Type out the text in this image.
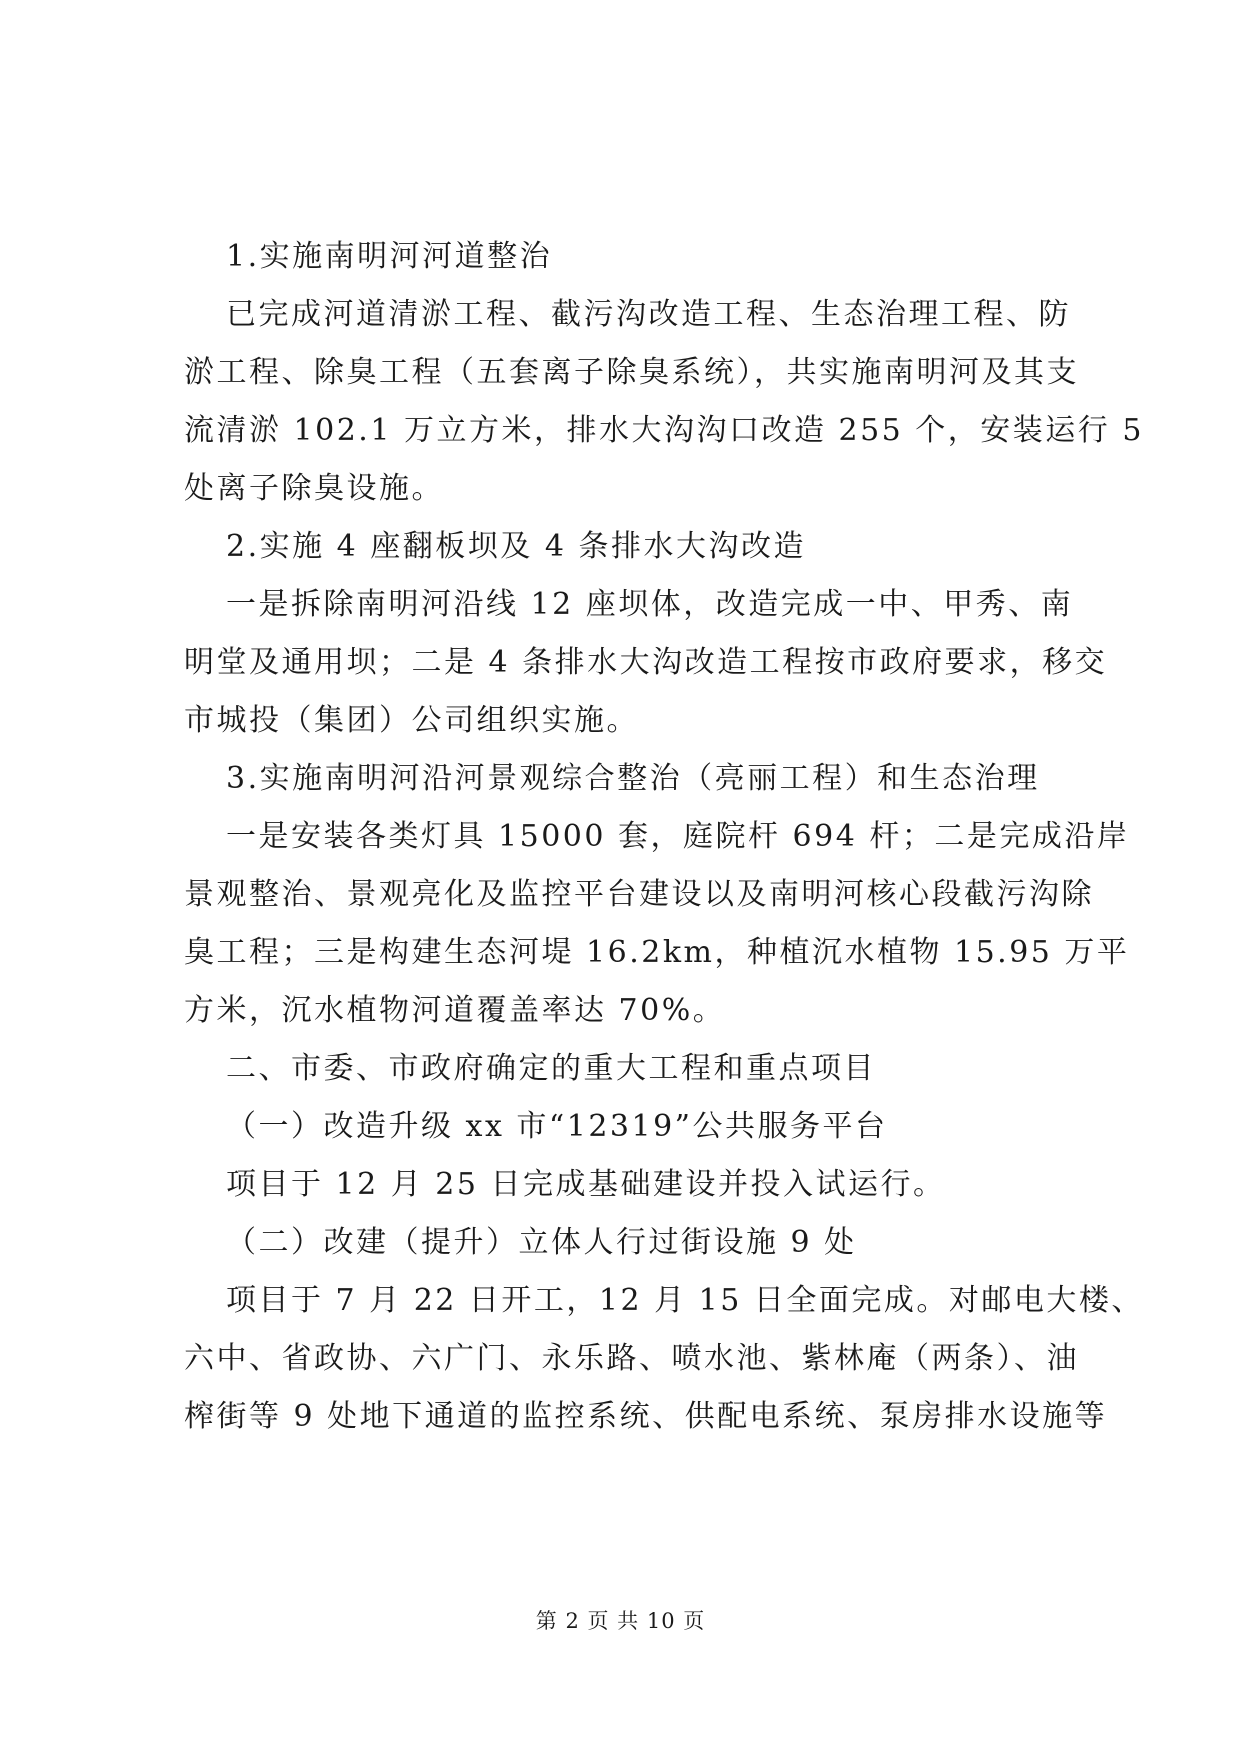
1.实施南明河河道整治
已完成河道清淤工程、截污沟改造工程、生态治理工程、防
淤工程、除臭工程（五套离子除臭系统），共实施南明河及其支
流清淤 102.1 万立方米，排水大沟沟口改造 255 个，安装运行 5
处离子除臭设施。
2.实施 4 座翻板坝及 4 条排水大沟改造
一是拆除南明河沿线 12 座坝体，改造完成一中、甲秀、南
明堂及通用坝；二是 4 条排水大沟改造工程按市政府要求，移交
市城投（集团）公司组织实施。
3.实施南明河沿河景观综合整治（亮丽工程）和生态治理
一是安装各类灯具 15000 套，庭院杆 694 杆；二是完成沿岸
景观整治、景观亮化及监控平台建设以及南明河核心段截污沟除
臭工程；三是构建生态河堤 16.2km，种植沉水植物 15.95 万平
方米，沉水植物河道覆盖率达 70%。
二、市委、市政府确定的重大工程和重点项目
（一）改造升级 xx 市“12319”公共服务平台
项目于 12 月 25 日完成基础建设并投入试运行。
（二）改建（提升）立体人行过街设施 9 处
项目于 7 月 22 日开工，12 月 15 日全面完成。对邮电大楼、
六中、省政协、六广门、永乐路、喷水池、紫林庵（两条）、油
榨街等 9 处地下通道的监控系统、供配电系统、泵房排水设施等
第 2 页 共 10 页
